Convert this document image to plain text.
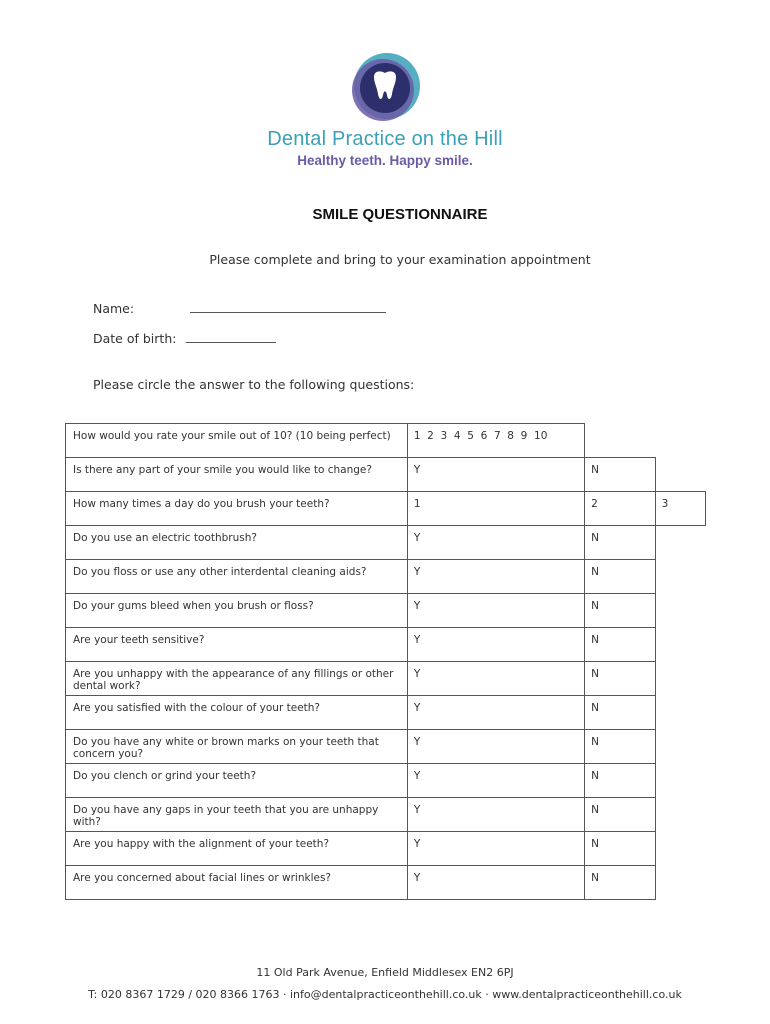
Dental Practice on the Hill
Healthy teeth. Happy smile.
SMILE QUESTIONNAIRE
Please complete and bring to your examination appointment
Name:
Date of birth:
Please circle the answer to the following questions:
How would you rate your smile out of 10? (10 being perfect)	1  2  3  4  5  6  7  8  9  10		
Is there any part of your smile you would like to change?	Y	N	
How many times a day do you brush your teeth?	1	2	3
Do you use an electric toothbrush?	Y	N	
Do you floss or use any other interdental cleaning aids?	Y	N	
Do your gums bleed when you brush or floss?	Y	N	
Are your teeth sensitive?	Y	N	
Are you unhappy with the appearance of any fillings or other dental work?	Y	N	
Are you satisfied with the colour of your teeth?	Y	N	
Do you have any white or brown marks on your teeth that concern you?	Y	N	
Do you clench or grind your teeth?	Y	N	
Do you have any gaps in your teeth that you are unhappy with?	Y	N	
Are you happy with the alignment of your teeth?	Y	N	
Are you concerned about facial lines or wrinkles?	Y	N	
11 Old Park Avenue, Enfield Middlesex EN2 6PJ
T: 020 8367 1729 / 020 8366 1763 · info@dentalpracticeonthehill.co.uk · www.dentalpracticeonthehill.co.uk
